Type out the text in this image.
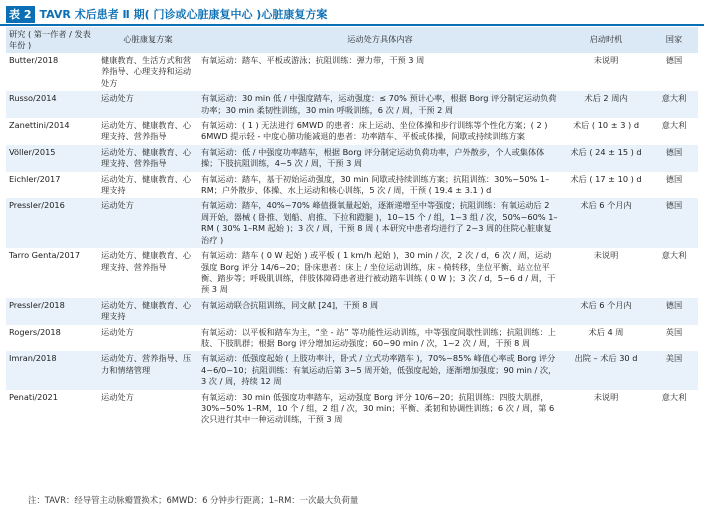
表 2 TAVR 术后患者 Ⅱ 期( 门诊或心脏康复中心 )心脏康复方案
研究 ( 第一作者 / 发表年份 )	心脏康复方案	运动处方具体内容	启动时机	国家
Butter/2018	健康教育、生活方式和营养指导、心理支持和运动处方	有氧运动：踏车、平板或游泳；抗阻训练：弹力带，干预 3 周	未说明	德国
Russo/2014	运动处方	有氧运动：30 min 低 / 中强度踏车，运动强度：≤ 70% 预计心率，根据 Borg 评分制定运动负荷功率；30 min 柔韧性训练，30 min 呼吸训练，6 次 / 周，干预 2 周	术后 2 周内	意大利
Zanettini/2014	运动处方、健康教育、心理支持、营养指导	有氧运动：( 1 ) 无法进行 6MWD 的患者：床上运动、坐位体操和步行训练等个性化方案；( 2 ) 6MWD 提示轻 - 中度心肺功能减退的患者：功率踏车、平板或体操，间歇或持续训练方案	术后 ( 10 ± 3 ) d	意大利
Völler/2015	运动处方、健康教育、心理支持、营养指导	有氧运动：低 / 中强度功率踏车，根据 Borg 评分制定运动负荷功率，户外散步，个人或集体体操；下肢抗阻训练，4~5 次 / 周，干预 3 周	术后 ( 24 ± 15 ) d	德国
Eichler/2017	运动处方、健康教育、心理支持	有氧运动：踏车，基于初始运动强度，30 min 间歇或持续训练方案；抗阻训练：30%~50% 1–RM；户外散步、体操、水上运动和核心训练，5 次 / 周，干预 ( 19.4 ± 3.1 ) d	术后 ( 17 ± 10 ) d	德国
Pressler/2016	运动处方	有氧运动：踏车，40%~70% 峰值摄氧量起始，逐渐递增至中等强度；抗阻训练：有氧运动后 2 周开始，器械 ( 卧推、划船、肩推、下拉和蹬腿 )，10~15 个 / 组，1~3 组 / 次，50%~60% 1–RM ( 30% 1–RM 起始 )；3 次 / 周，干预 8 周 ( 本研究中患者均进行了 2~3 周的住院心脏康复治疗 )	术后 6 个月内	德国
Tarro Genta/2017	运动处方、健康教育、心理支持、营养指导	有氧运动：踏车 ( 0 W 起始 ) 或平板 ( 1 km/h 起始 )，30 min / 次，2 次 / d，6 次 / 周，运动强度 Borg 评分 14/6~20；卧床患者：床上 / 坐位运动训练，床 - 椅转移，坐位平衡、站立位平衡、踏步等；呼吸肌训练，伴肢体障碍患者进行被动踏车训练 ( 0 W )；3 次 / d，5~6 d / 周，干预 3 周	未说明	意大利
Pressler/2018	运动处方、健康教育、心理支持	有氧运动联合抗阻训练，同文献 [24]，干预 8 周	术后 6 个月内	德国
Rogers/2018	运动处方	有氧运动：以平板和踏车为主，“坐 - 站” 等功能性运动训练，中等强度间歇性训练；抗阻训练：上肢、下肢肌群；根据 Borg 评分增加运动强度；60~90 min / 次，1~2 次 / 周，干预 8 周	术后 4 周	英国
Imran/2018	运动处方、营养指导、压力和情绪管理	有氧运动：低强度起始 ( 上肢功率计，卧式 / 立式功率踏车 )，70%~85% 峰值心率或 Borg 评分 4~6/0~10；抗阻训练：有氧运动后第 3~5 周开始，低强度起始，逐渐增加强度；90 min / 次，3 次 / 周，持续 12 周	出院 – 术后 30 d	美国
Penati/2021	运动处方	有氧运动：30 min 低强度功率踏车，运动强度 Borg 评分 10/6~20；抗阻训练：四肢大肌群，30%~50% 1–RM，10 个 / 组，2 组 / 次，30 min；平衡、柔韧和协调性训练；6 次 / 周，第 6 次只进行其中一种运动训练，干预 3 周	未说明	意大利
注：TAVR：经导管主动脉瓣置换术；6MWD：6 分钟步行距离；1–RM：一次最大负荷量
